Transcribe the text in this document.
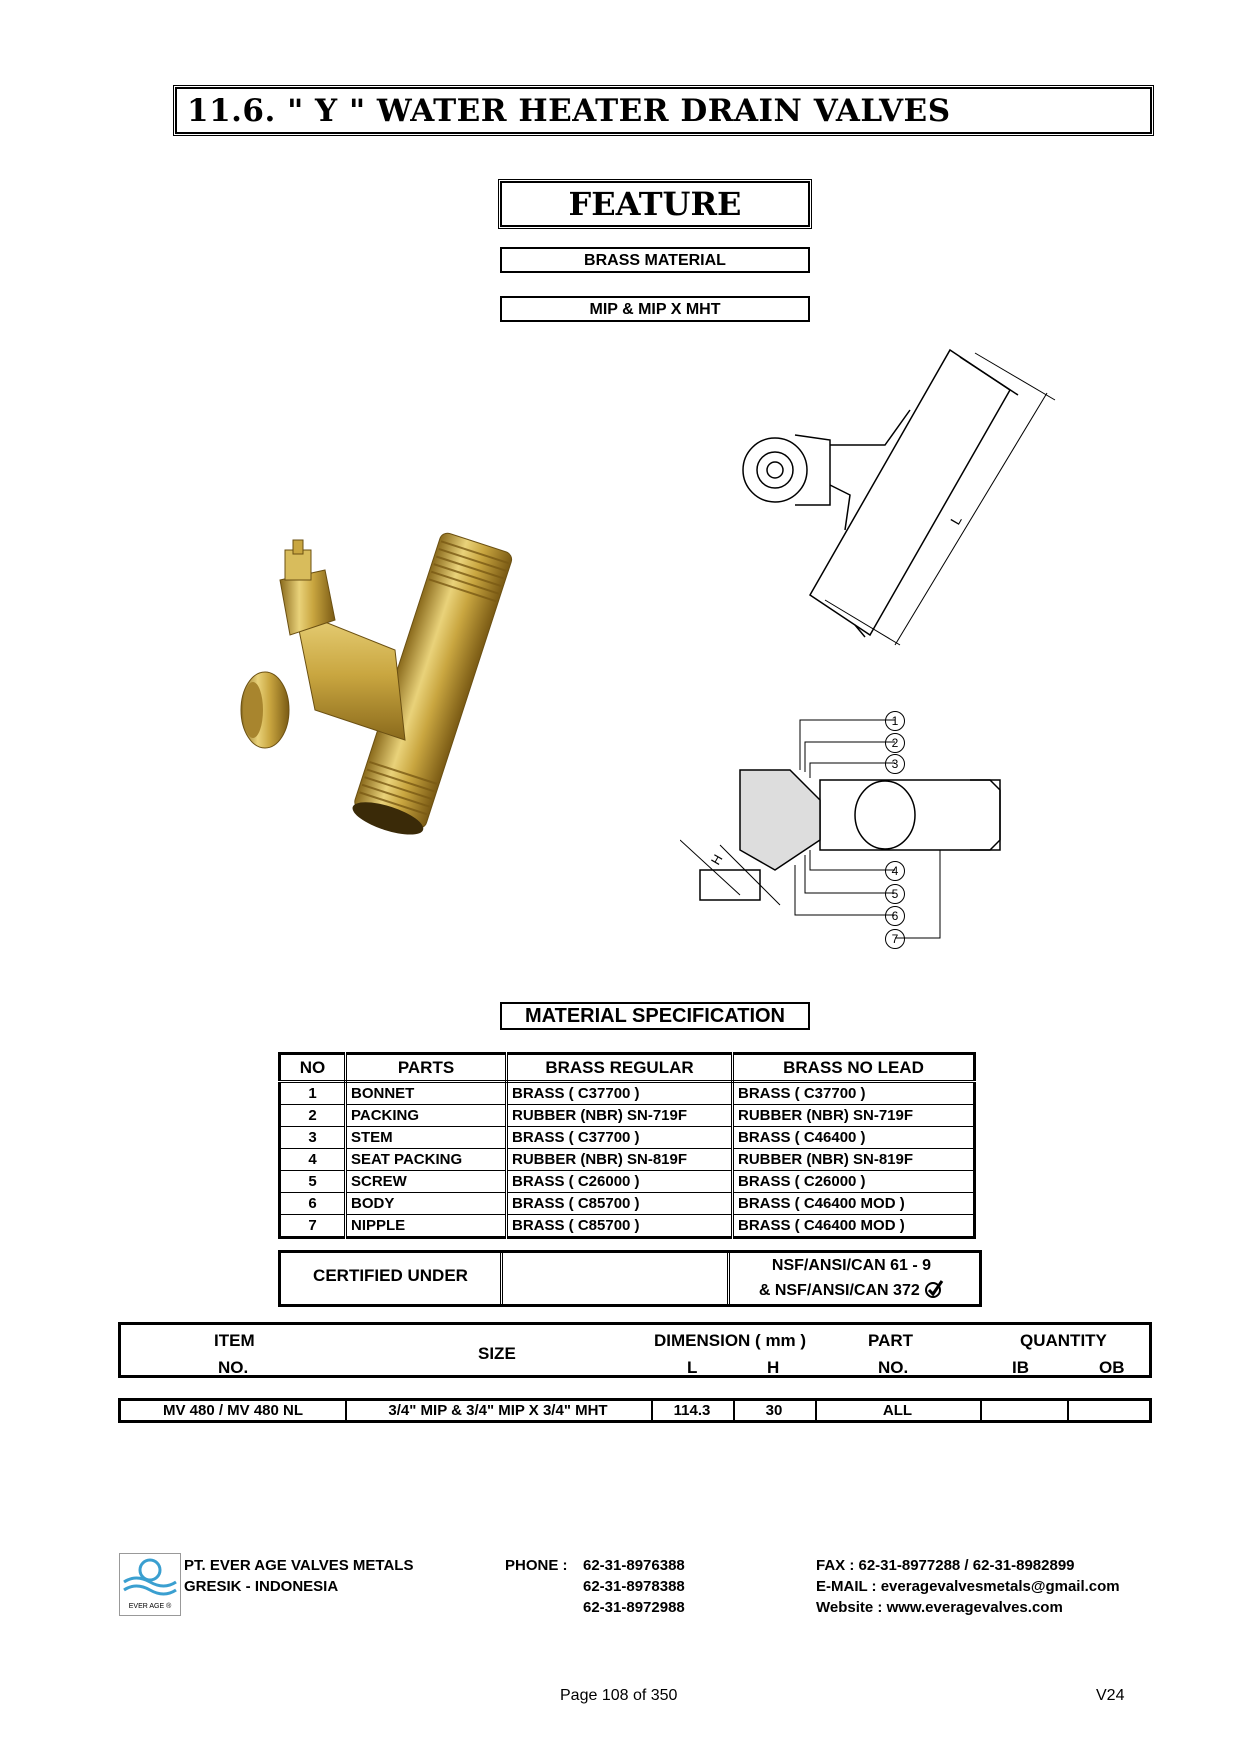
11.6. " Y " WATER HEATER DRAIN VALVES
FEATURE
BRASS MATERIAL
MIP & MIP X MHT
L
H
1
2
3
4
5
6
7
MATERIAL SPECIFICATION
NO	PARTS	BRASS REGULAR	BRASS NO LEAD
1	BONNET	BRASS ( C37700 )	BRASS ( C37700 )
2	PACKING	RUBBER (NBR) SN-719F	RUBBER (NBR) SN-719F
3	STEM	BRASS ( C37700 )	BRASS ( C46400 )
4	SEAT PACKING	RUBBER (NBR) SN-819F	RUBBER (NBR) SN-819F
5	SCREW	BRASS ( C26000 )	BRASS ( C26000 )
6	BODY	BRASS ( C85700 )	BRASS ( C46400 MOD )
7	NIPPLE	BRASS ( C85700 )	BRASS ( C46400 MOD )
CERTIFIED UNDER
NSF/ANSI/CAN 61 - 9
& NSF/ANSI/CAN 372
ITEM
NO.
SIZE
DIMENSION ( mm )
L	H
PART
NO.
QUANTITY
IB	OB
MV 480 / MV 480 NL	3/4" MIP & 3/4" MIP X 3/4" MHT	114.3	30	ALL
EVER AGE ®
PT. EVER AGE VALVES METALS
GRESIK - INDONESIA
PHONE : 62-31-8976388
62-31-8978388
62-31-8972988
FAX : 62-31-8977288 / 62-31-8982899
E-MAIL : everagevalvesmetals@gmail.com
Website : www.everagevalves.com
Page 108 of 350	V24
